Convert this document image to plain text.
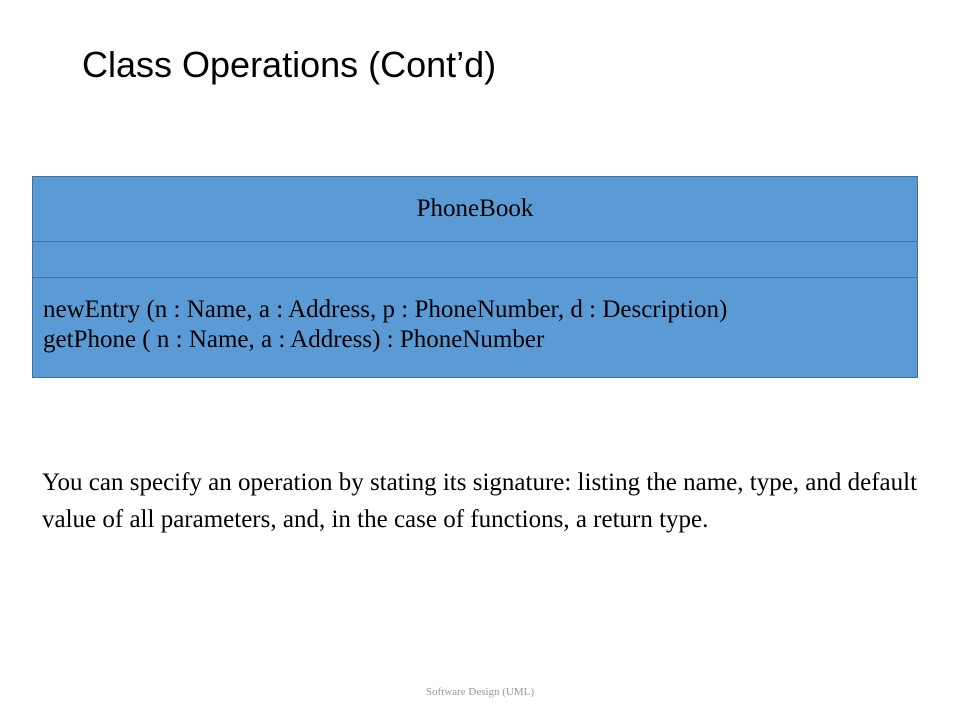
Class Operations (Cont’d)
PhoneBook
newEntry (n : Name, a : Address, p : PhoneNumber, d : Description)
getPhone ( n : Name, a : Address) : PhoneNumber
You can specify an operation by stating its signature: listing the name, type, and default value of all parameters, and, in the case of functions, a return type.
Software Design (UML)
